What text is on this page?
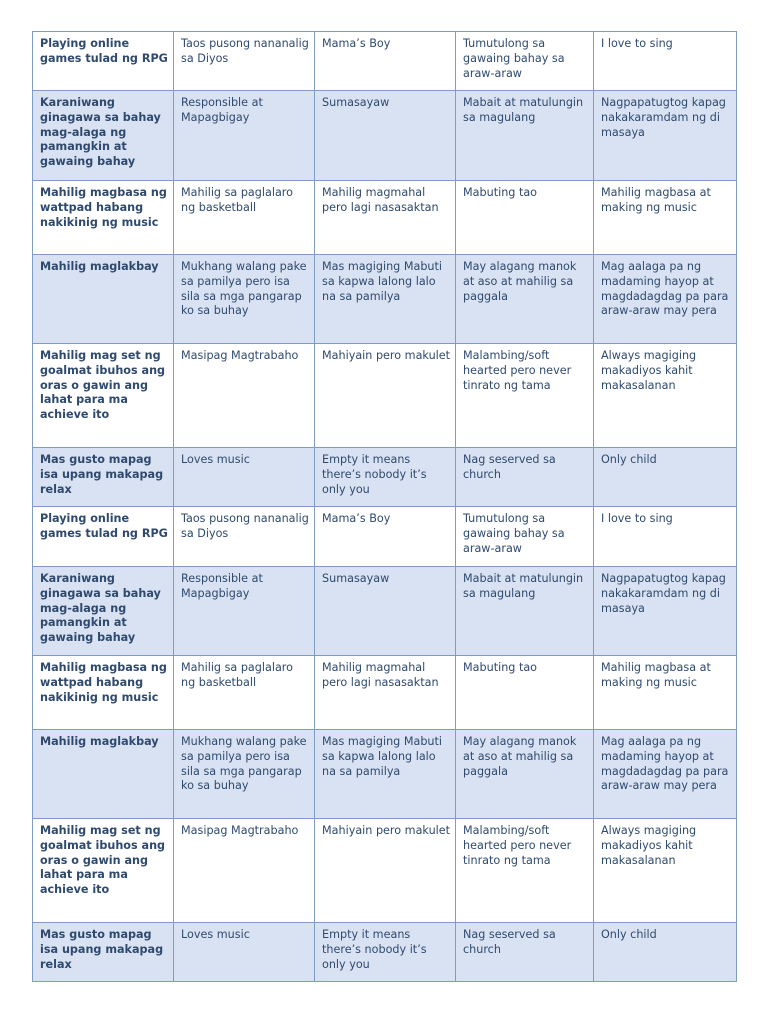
Playing online games tulad ng RPG	Taos pusong nananalig sa Diyos	Mama’s Boy	Tumutulong sa gawaing bahay sa araw-araw	I love to sing
Karaniwang ginagawa sa bahay mag-alaga ng pamangkin at gawaing bahay	Responsible at Mapagbigay	Sumasayaw	Mabait at matulungin sa magulang	Nagpapatugtog kapag nakakaramdam ng di masaya
Mahilig magbasa ng wattpad habang nakikinig ng music	Mahilig sa paglalaro ng basketball	Mahilig magmahal pero lagi nasasaktan	Mabuting tao	Mahilig magbasa at making ng music
Mahilig maglakbay	Mukhang walang pake sa pamilya pero isa sila sa mga pangarap ko sa buhay	Mas magiging Mabuti sa kapwa lalong lalo na sa pamilya	May alagang manok at aso at mahilig sa paggala	Mag aalaga pa ng madaming hayop at magdadagdag pa para araw-araw may pera
Mahilig mag set ng goalmat ibuhos ang oras o gawin ang lahat para ma achieve ito	Masipag Magtrabaho	Mahiyain pero makulet	Malambing/soft hearted pero never tinrato ng tama	Always magiging makadiyos kahit makasalanan
Mas gusto mapag isa upang makapag relax	Loves music	Empty it means there’s nobody it’s only you	Nag seserved sa church	Only child
Playing online games tulad ng RPG	Taos pusong nananalig sa Diyos	Mama’s Boy	Tumutulong sa gawaing bahay sa araw-araw	I love to sing
Karaniwang ginagawa sa bahay mag-alaga ng pamangkin at gawaing bahay	Responsible at Mapagbigay	Sumasayaw	Mabait at matulungin sa magulang	Nagpapatugtog kapag nakakaramdam ng di masaya
Mahilig magbasa ng wattpad habang nakikinig ng music	Mahilig sa paglalaro ng basketball	Mahilig magmahal pero lagi nasasaktan	Mabuting tao	Mahilig magbasa at making ng music
Mahilig maglakbay	Mukhang walang pake sa pamilya pero isa sila sa mga pangarap ko sa buhay	Mas magiging Mabuti sa kapwa lalong lalo na sa pamilya	May alagang manok at aso at mahilig sa paggala	Mag aalaga pa ng madaming hayop at magdadagdag pa para araw-araw may pera
Mahilig mag set ng goalmat ibuhos ang oras o gawin ang lahat para ma achieve ito	Masipag Magtrabaho	Mahiyain pero makulet	Malambing/soft hearted pero never tinrato ng tama	Always magiging makadiyos kahit makasalanan
Mas gusto mapag isa upang makapag relax	Loves music	Empty it means there’s nobody it’s only you	Nag seserved sa church	Only child
